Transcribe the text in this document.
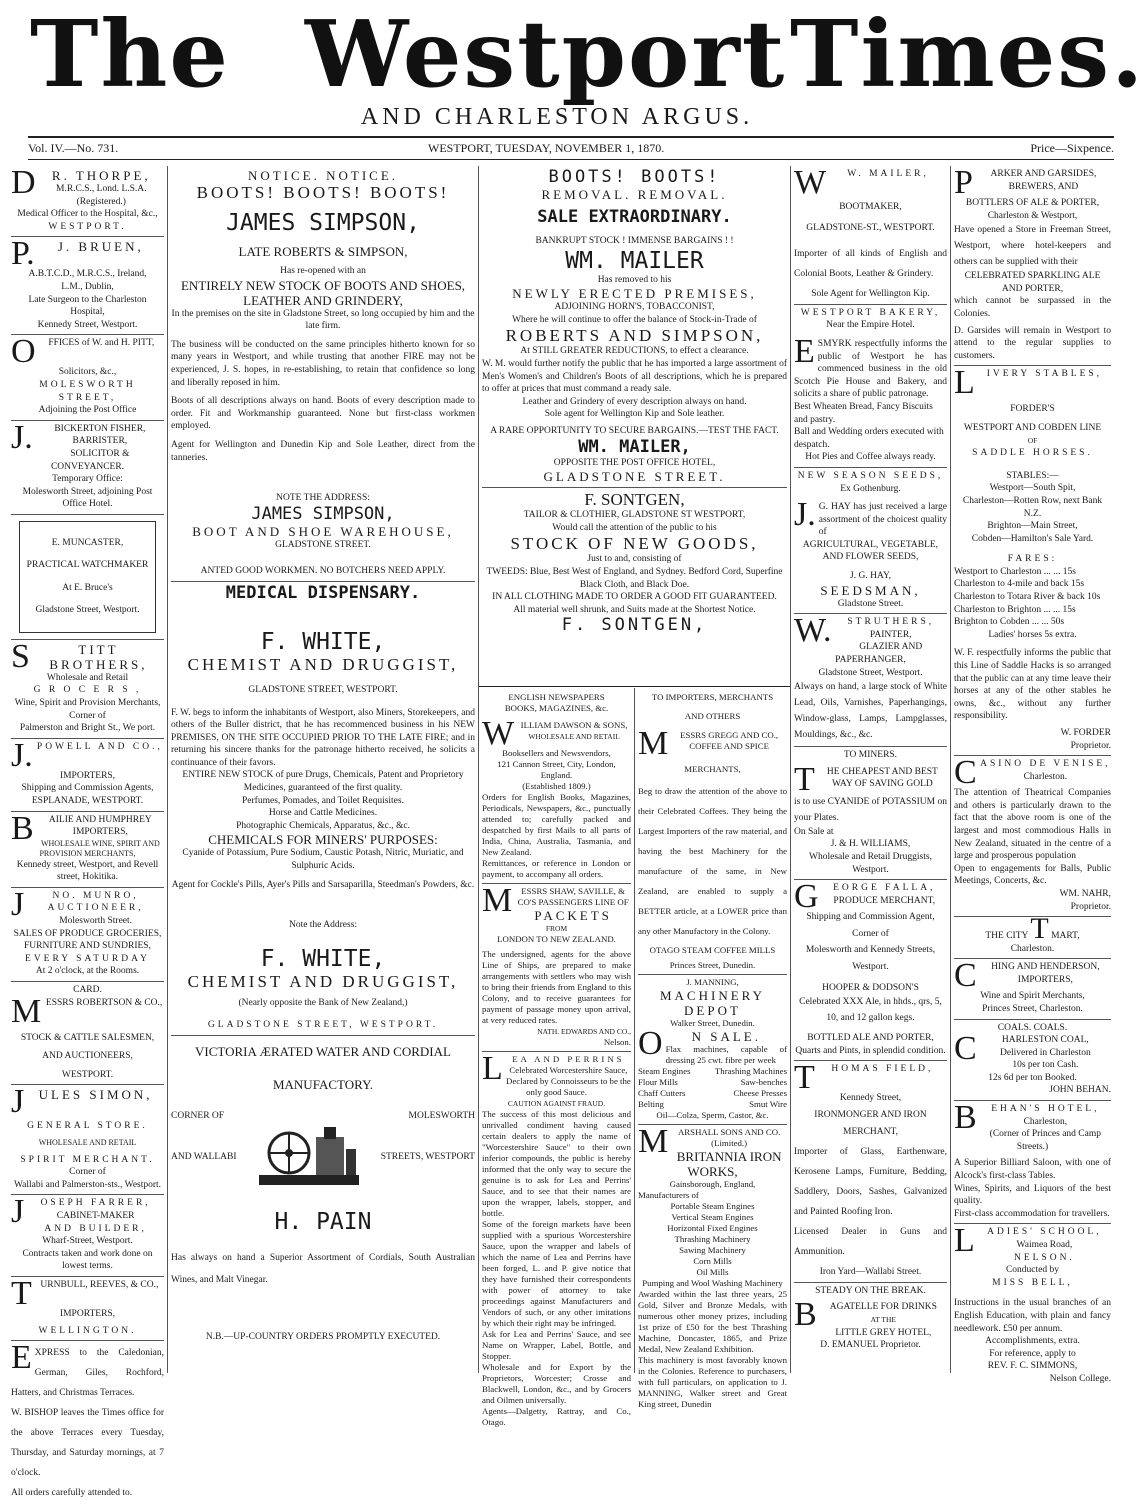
The Westport Times.
AND CHARLESTON ARGUS.
Vol. IV.—No. 731.	WESTPORT, TUESDAY, NOVEMBER 1, 1870.	Price—Sixpence.
D	R. THORPE,

M.R.C.S., Lond. L.S.A. (Registered.)

Medical Officer to the Hospital, &c.,

WESTPORT.

P.	J. BRUEN,

A.B.T.C.D., M.R.C.S., Ireland,

L.M., Dublin,

Late Surgeon to the Charleston Hospital,

Kennedy Street, Westport.

O	FFICES of W. and H. PITT,

Solicitors, &c.,

MOLESWORTH STREET,

Adjoining the Post Office

J.	BICKERTON FISHER,

BARRISTER,

SOLICITOR & CONVEYANCER.

Temporary Office:

Molesworth Street, adjoining Post Office Hotel.

E. MUNCASTER,

PRACTICAL WATCHMAKER

At E. Bruce's

Gladstone Street, Westport.

S	TITT BROTHERS,

Wholesale and Retail

G R O C E R S ,

Wine, Spirit and Provision Merchants,

Corner of

Palmerston and Bright St., We port.

J. POWELL AND CO.,

IMPORTERS,

Shipping and Commission Agents,

ESPLANADE, WESTPORT.

B	AILIE AND HUMPHREY

IMPORTERS,

WHOLESALE WINE, SPIRIT AND PROVISION MERCHANTS,

Kennedy street, Westport, and Revell street, Hokitika.

J	NO. MUNRO,

AUCTIONEER,

Molesworth Street.

SALES OF PRODUCE GROCERIES, FURNITURE AND SUNDRIES,

EVERY SATURDAY

At 2 o'clock, at the Rooms.

CARD.

M ESSRS ROBERTSON & CO.,

STOCK & CATTLE SALESMEN,

AND AUCTIONEERS,

WESTPORT.

J	ULES SIMON,

GENERAL STORE.

WHOLESALE AND RETAIL

SPIRIT MERCHANT.

Corner of

Wallabi and Palmerston-sts., Westport.

J	OSEPH FARRER,

CABINET-MAKER

AND BUILDER,

Wharf-Street, Westport.

Contracts taken and work done on lowest terms.

T URNBULL, REEVES, & CO.,

IMPORTERS,

WELLINGTON.

E XPRESS to the Caledonian, German, Giles, Rochford, Hatters, and Christmas Terraces.

W. BISHOP leaves the Times office for the above Terraces every Tuesday, Thursday, and Saturday mornings, at 7 o'clock.

All orders carefully attended to.

NOTICE. NOTICE.

BOOTS! BOOTS! BOOTS!

JAMES SIMPSON,

LATE ROBERTS & SIMPSON,

Has re-opened with an

ENTIRELY NEW STOCK OF BOOTS AND SHOES, LEATHER AND GRINDERY,

In the premises on the site in Gladstone Street, so long occupied by him and the late firm.

The business will be conducted on the same principles hitherto known for so many years in Westport, and while trusting that another FIRE may not be experienced, J. S. hopes, in re-establishing, to retain that confidence so long and liberally reposed in him.

Boots of all descriptions always on hand. Boots of every description made to order. Fit and Workmanship guaranteed. None but first-class workmen employed.

Agent for Wellington and Dunedin Kip and Sole Leather, direct from the tanneries.

NOTE THE ADDRESS:

JAMES SIMPSON,

BOOT AND SHOE WAREHOUSE,

GLADSTONE STREET.

ANTED GOOD WORKMEN. NO BOTCHERS NEED APPLY.

MEDICAL DISPENSARY.

F. WHITE,

CHEMIST AND DRUGGIST,

GLADSTONE STREET, WESTPORT.

F. W. begs to inform the inhabitants of Westport, also Miners, Storekeepers, and others of the Buller district, that he has recommenced business in his NEW PREMISES, ON THE SITE OCCUPIED PRIOR TO THE LATE FIRE; and in returning his sincere thanks for the patronage hitherto received, he solicits a continuance of their favors.

ENTIRE NEW STOCK of pure Drugs, Chemicals, Patent and Proprietory Medicines, guaranteed of the first quality.

Perfumes, Pomades, and Toilet Requisites.

Horse and Cattle Medicines.

Photographic Chemicals, Apparatus, &c., &c.

CHEMICALS FOR MINERS' PURPOSES:

Cyanide of Potassium, Pure Sodium, Caustic Potash, Nitric, Muriatic, and Sulphuric Acids.

Agent for Cockle's Pills, Ayer's Pills and Sarsaparilla, Steedman's Powders, &c.

Note the Address:

F. WHITE,

CHEMIST AND DRUGGIST,

(Nearly opposite the Bank of New Zealand,)

GLADSTONE STREET, WESTPORT.

VICTORIA ÆRATED WATER AND CORDIAL

MANUFACTORY.

CORNER OF	MOLESWORTH
AND WALLABI	STREETS, WESTPORT

H. PAIN

Has always on hand a Superior Assortment of Cordials, South Australian Wines, and Malt Vinegar.

N.B.—UP-COUNTRY ORDERS PROMPTLY EXECUTED.

BOOTS! BOOTS!

REMOVAL. REMOVAL.

SALE EXTRAORDINARY.

BANKRUPT STOCK ! IMMENSE BARGAINS ! !

WM. MAILER

Has removed to his

NEWLY ERECTED PREMISES,

ADJOINING HORN'S, TOBACCONIST,

Where he will continue to offer the balance of Stock-in-Trade of

ROBERTS AND SIMPSON,

At STILL GREATER REDUCTIONS, to effect a clearance.

W. M. would further notify the public that he has imported a large assortment of Men's Women's and Children's Boots of all descriptions, which he is prepared to offer at prices that must command a ready sale.

Leather and Grindery of every description always on hand.

Sole agent for Wellington Kip and Sole leather.

A RARE OPPORTUNITY TO SECURE BARGAINS.—TEST THE FACT.

WM. MAILER,

OPPOSITE THE POST OFFICE HOTEL,

GLADSTONE STREET.

F. SONTGEN,

TAILOR & CLOTHIER, GLADSTONE ST WESTPORT,

Would call the attention of the public to his

STOCK OF NEW GOODS,

Just to and, consisting of

TWEEDS: Blue, Best West of England, and Sydney. Bedford Cord, Superfine Black Cloth, and Black Doe.

IN ALL CLOTHING MADE TO ORDER A GOOD FIT GUARANTEED.

All material well shrunk, and Suits made at the Shortest Notice.

F. SONTGEN,

ENGLISH NEWSPAPERS

BOOKS, MAGAZINES, &c.

W ILLIAM DAWSON & SONS,

WHOLESALE AND RETAIL

Booksellers and Newsvendors,

121 Cannon Street, City, London, England.

(Established 1809.)

Orders for English Books, Magazines, Periodicals, Newspapers, &c., punctually attended to; carefully packed and despatched by first Mails to all parts of India, China, Australia, Tasmania, and New Zealand.

Remittances, or reference in London or payment, to accompany all orders.

M	ESSRS SHAW, SAVILLE, & CO'S PASSENGERS LINE OF

PACKETS

FROM

LONDON TO NEW ZEALAND.

The undersigned, agents for the above Line of Ships, are prepared to make arrangements with settlers who may wish to bring their friends from England to this Colony, and to receive guarantees for payment of passage money upon arrival, at very reduced rates.

NATH. EDWARDS AND CO.,

Nelson.

L	EA AND PERRINS

Celebrated Worcestershire Sauce,

Declared by Connoisseurs to be the only good Sauce.

CAUTION AGAINST FRAUD.

The success of this most delicious and unrivalled condiment having caused certain dealers to apply the name of "Worcestershire Sauce" to their own inferior compounds, the public is hereby informed that the only way to secure the genuine is to ask for Lea and Perrins' Sauce, and to see that their names are upon the wrapper, labels, stopper, and bottle.

Some of the foreign markets have been supplied with a spurious Worcestershire Sauce, upon the wrapper and labels of which the name of Lea and Perrins have been forged, L. and P. give notice that they have furnished their correspondents with power of attorney to take proceedings against Manufacturers and Vendors of such, or any other imitations by which their right may be infringed.

Ask for Lea and Perrins' Sauce, and see Name on Wrapper, Label, Bottle, and Stopper.

Wholesale and for Export by the Proprietors, Worcester; Crosse and Blackwell, London, &c., and by Grocers and Oilmen universally.

Agents—Dalgetty, Rattray, and Co., Otago.

TO IMPORTERS, MERCHANTS

AND OTHERS

M	ESSRS GREGG AND CO.,

COFFEE AND SPICE

MERCHANTS,

Beg to draw the attention of the above to their Celebrated Coffees. They being the Largest Importers of the raw material, and having the best Machinery for the manufacture of the same, in New Zealand, are enabled to supply a BETTER article, at a LOWER price than any other Manufactory in the Colony.

OTAGO STEAM COFFEE MILLS

Princes Street, Dunedin.

J. MANNING,

MACHINERY DEPOT

Walker Street, Dunedin.

O	N SALE.

Flax machines, capable of dressing 25 cwt. fibre per week

Steam Engines	Thrashing Machines
Flour Mills	Saw-benches
Chaff Cutters	Cheese Presses
Belting	Smut Wire

Oil—Colza, Sperm, Castor, &c.

M	ARSHALL SONS AND CO.

(Limited.)

BRITANNIA IRON WORKS,

Gainsborough, England,

Manufacturers of

Portable Steam Engines

Vertical Steam Engines

Horizontal Fixed Engines

Thrashing Machinery

Sawing Machinery

Corn Mills

Oil Mills

Pumping and Wool Washing Machinery

Awarded within the last three years, 25 Gold, Silver and Bronze Medals, with numerous other money prizes, including 1st prize of £50 for the best Thrashing Machine, Doncaster, 1865, and Prize Medal, New Zealand Exhibition.

This machinery is most favorably known in the Colonies. Reference to purchasers, with full particulars, on application to J. MANNING, Walker street and Great King street, Dunedin

W	W. MAILER,

BOOTMAKER,

GLADSTONE-ST., WESTPORT.

Importer of all kinds of English and Colonial Boots, Leather & Grindery.

Sole Agent for Wellington Kip.

WESTPORT BAKERY,

Near the Empire Hotel.

E SMYRK respectfully informs the public of Westport he has commenced business in the old Scotch Pie House and Bakery, and solicits a share of public patronage.

Best Wheaten Bread, Fancy Biscuits and pastry.

Ball and Wedding orders executed with despatch.

Hot Pies and Coffee always ready.

NEW SEASON SEEDS,

Ex Gothenburg.

J. G. HAY has just received a large assortment of the choicest quality of

AGRICULTURAL, VEGETABLE,

AND FLOWER SEEDS,

J. G. HAY,

SEEDSMAN,

Gladstone Street.

W.	STRUTHERS,

PAINTER,

GLAZIER AND PAPERHANGER,

Gladstone Street, Westport.

Always on hand, a large stock of White Lead, Oils, Varnishes, Paperhangings, Window-glass, Lamps, Lampglasses, Mouldings, &c., &c.

TO MINERS.

T	HE CHEAPEST AND BEST

WAY OF SAVING GOLD

is to use CYANIDE of POTASSIUM on your Plates.

On Sale at

J. & H. WILLIAMS,

Wholesale and Retail Druggists,

Westport.

G	EORGE FALLA,

PRODUCE MERCHANT,

Shipping and Commission Agent,

Corner of

Molesworth and Kennedy Streets,

Westport.

HOOPER & DODSON'S

Celebrated XXX Ale, in hhds., qrs, 5, 10, and 12 gallon kegs.

BOTTLED ALE AND PORTER,

Quarts and Pints, in splendid condition.

T	HOMAS FIELD,

Kennedy Street,

IRONMONGER AND IRON

MERCHANT,

Importer of Glass, Earthenware, Kerosene Lamps, Furniture, Bedding, Saddlery, Doors, Sashes, Galvanized and Painted Roofing Iron.

Licensed Dealer in Guns and Ammunition.

Iron Yard—Wallabi Street.

STEADY ON THE BREAK.

B	AGATELLE FOR DRINKS

AT THE

LITTLE GREY HOTEL,

D. EMANUEL Proprietor.

P	ARKER AND GARSIDES,

BREWERS, AND

BOTTLERS OF ALE & PORTER,

Charleston & Westport,

Have opened a Store in Freeman Street, Westport, where hotel-keepers and others can be supplied with their

CELEBRATED SPARKLING ALE AND PORTER,

which cannot be surpassed in the Colonies.

D. Garsides will remain in Westport to attend to the regular supplies to customers.

L	IVERY STABLES,

FORDER'S

WESTPORT AND COBDEN LINE

OF

SADDLE HORSES.

STABLES:—

Westport—South Spit,

Charleston—Rotten Row, next Bank N.Z.

Brighton—Main Street,

Cobden—Hamilton's Sale Yard.

FARES:

Westport to Charleston ... ... 15s

Charleston to 4-mile and back 15s

Charleston to Totara River & back 10s

Charleston to Brighton ... ... 15s

Brighton to Cobden ... ... 50s

Ladies' horses 5s extra.

W. F. respectfully informs the public that this Line of Saddle Hacks is so arranged that the public can at any time leave their horses at any of the other stables he owns, &c., without any further responsibility.

W. FORDER

Proprietor.

C ASINO DE VENISE,

Charleston.

The attention of Theatrical Companies and others is particularly drawn to the fact that the above room is one of the largest and most commodious Halls in New Zealand, situated in the centre of a large and prosperous population

Open to engagements for Balls, Public Meetings, Concerts, &c.

WM. NAHR,

Proprietor.

THE CITY T MART,

Charleston.

C	HING AND HENDERSON,

IMPORTERS,

Wine and Spirit Merchants,

Princes Street, Charleston.

COALS. COALS.

C	HARLESTON COAL,

Delivered in Charleston

10s per ton Cash.

12s 6d per ton Booked.

JOHN BEHAN.

B	EHAN'S HOTEL,

Charleston,

(Corner of Princes and Camp Streets.)

A Superior Billiard Saloon, with one of Alcock's first-class Tables.

Wines, Spirits, and Liquors of the best quality.

First-class accommodation for travellers.

L	ADIES' SCHOOL,

Waimea Road,

NELSON.

Conducted by

MISS BELL,

Instructions in the usual branches of an English Education, with plain and fancy needlework. £50 per annum.

Accomplishments, extra.

For reference, apply to

REV. F. C. SIMMONS,

Nelson College.
